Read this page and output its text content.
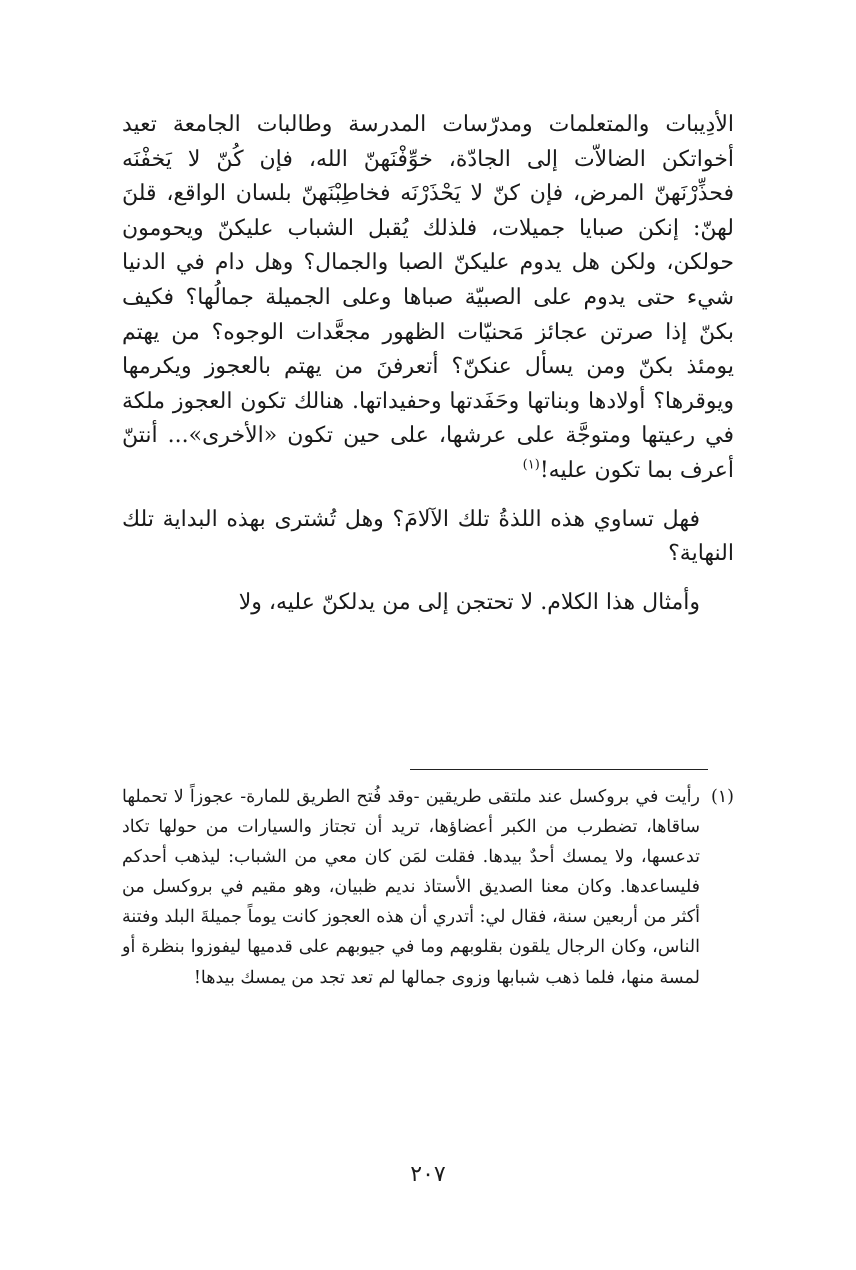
الأدِيبات والمتعلمات ومدرّسات المدرسة وطالبات الجامعة تعيد أخواتكن الضالاّت إلى الجادّة، خوِّفْنَهنّ الله، فإن كُنّ لا يَخفْنَه فحذِّرْنَهنّ المرض، فإن كنّ لا يَحْذَرْنَه فخاطِبْنَهنّ بلسان الواقع، قلنَ لهنّ: إنكن صبايا جميلات، فلذلك يُقبل الشباب عليكنّ ويحومون حولكن، ولكن هل يدوم عليكنّ الصبا والجمال؟ وهل دام في الدنيا شيء حتى يدوم على الصبيّة صباها وعلى الجميلة جمالُها؟ فكيف بكنّ إذا صرتن عجائز مَحنيّات الظهور مجعَّدات الوجوه؟ من يهتم يومئذ بكنّ ومن يسأل عنكنّ؟ أتعرفنَ من يهتم بالعجوز ويكرمها ويوقرها؟ أولادها وبناتها وحَفَدتها وحفيداتها. هنالك تكون العجوز ملكة في رعيتها ومتوجَّة على عرشها، على حين تكون «الأخرى»... أنتنّ أعرف بما تكون عليه!$^{(١)}$

فهل تساوي هذه اللذةُ تلك الآلامَ؟ وهل تُشترى بهذه البداية تلك النهاية؟

وأمثال هذا الكلام. لا تحتجن إلى من يدلكنّ عليه، ولا

(١)رأيت في بروكسل عند ملتقى طريقين -وقد فُتح الطريق للمارة- عجوزاً لا تحملها ساقاها، تضطرب من الكبر أعضاؤها، تريد أن تجتاز والسيارات من حولها تكاد تدعسها، ولا يمسك أحدٌ بيدها. فقلت لمَن كان معي من الشباب: ليذهب أحدكم فليساعدها. وكان معنا الصديق الأستاذ نديم ظبيان، وهو مقيم في بروكسل من أكثر من أربعين سنة، فقال لي: أتدري أن هذه العجوز كانت يوماً جميلةَ البلد وفتنة الناس، وكان الرجال يلقون بقلوبهم وما في جيوبهم على قدميها ليفوزوا بنظرة أو لمسة منها، فلما ذهب شبابها وزوى جمالها لم تعد تجد من يمسك بيدها!

٢٠٧
